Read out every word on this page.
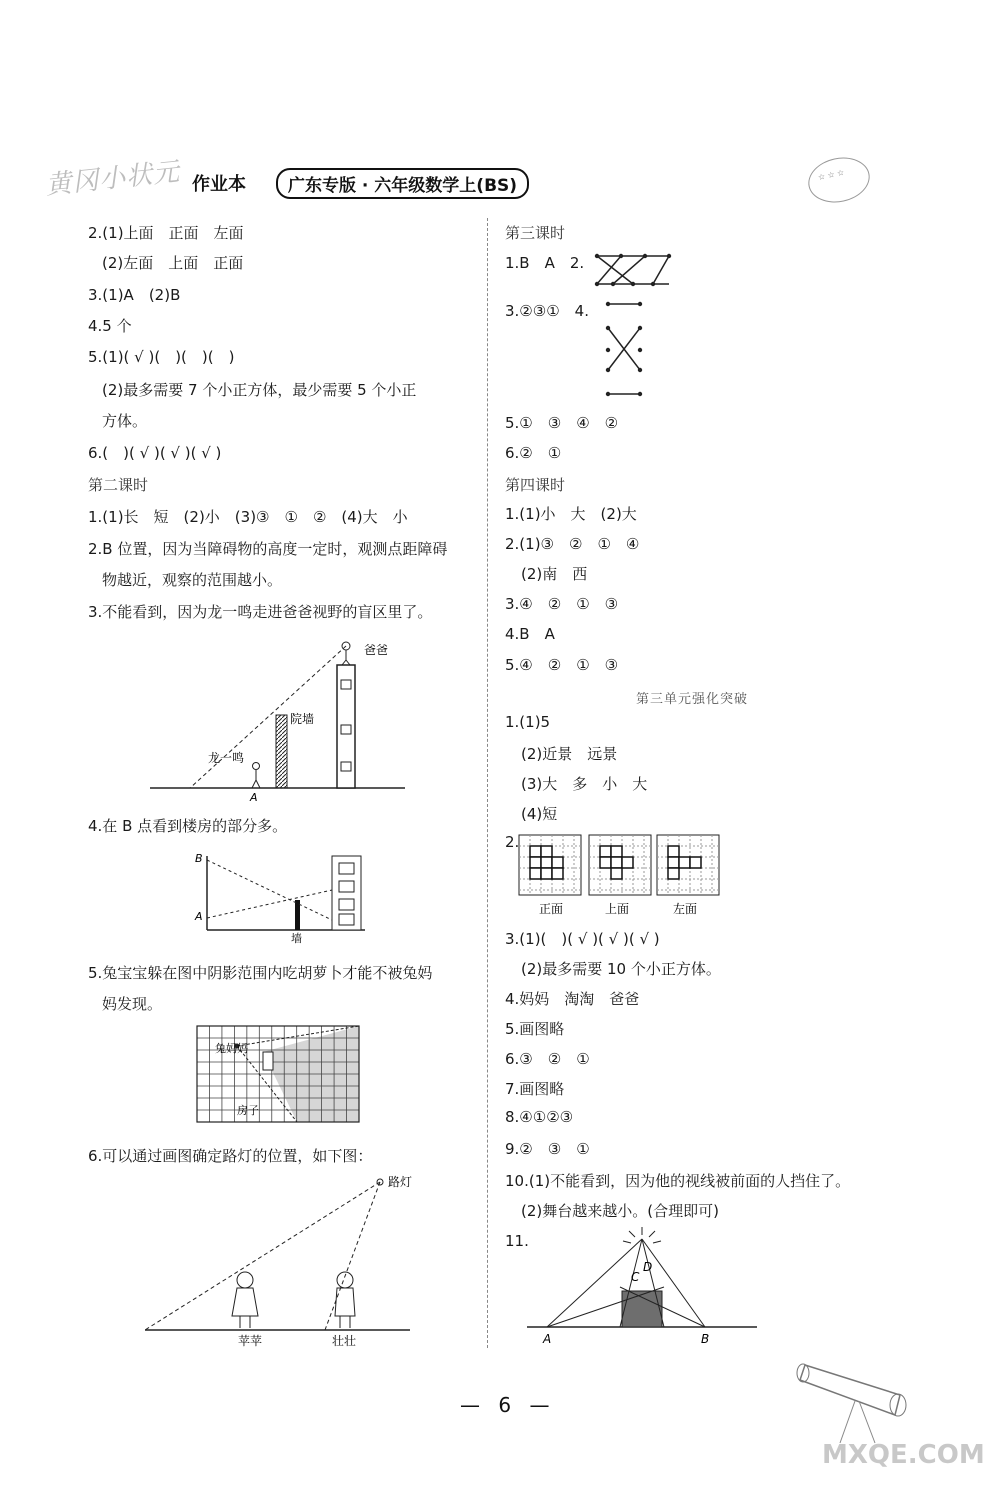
黄冈小状元 作业本	广东专版 · 六年级数学上(BS)
☆ ☆ ☆
2.(1)上面　正面　左面
(2)左面　上面　正面
3.(1)A　(2)B
4.5 个
5.(1)( √ )(　)(　)(　)
(2)最多需要 7 个小正方体，最少需要 5 个小正
方体。
6.(　)( √ )( √ )( √ )
第二课时
1.(1)长　短　(2)小　(3)③　①　②　(4)大　小
2.B 位置，因为当障碍物的高度一定时，观测点距障碍
物越近，观察的范围越小。
3.不能看到，因为龙一鸣走进爸爸视野的盲区里了。
爸爸
院墙
龙一鸣
A
4.在 B 点看到楼房的部分多。
B
A
墙
5.兔宝宝躲在图中阴影范围内吃胡萝卜才能不被兔妈
妈发现。
兔妈妈
房子
6.可以通过画图确定路灯的位置，如下图：
路灯
苹苹	壮壮
第三课时
1.B　A　2.
3.②③①　4.
5.①　③　④　②
6.②　①
第四课时
1.(1)小　大　(2)大
2.(1)③　②　①　④
(2)南　西
3.④　②　①　③
4.B　A
5.④　②　①　③
第三单元强化突破
1.(1)5
(2)近景　远景
(3)大　多　小　大
(4)短
2.
正面	上面	左面
3.(1)(　)( √ )( √ )( √ )
(2)最多需要 10 个小正方体。
4.妈妈　淘淘　爸爸
5.画图略
6.③　②　①
7.画图略
8.④①②③
9.②　③　①
10.(1)不能看到，因为他的视线被前面的人挡住了。
(2)舞台越来越小。(合理即可)
11.
A	B
C
D
— 6 —
MXQE.COM
